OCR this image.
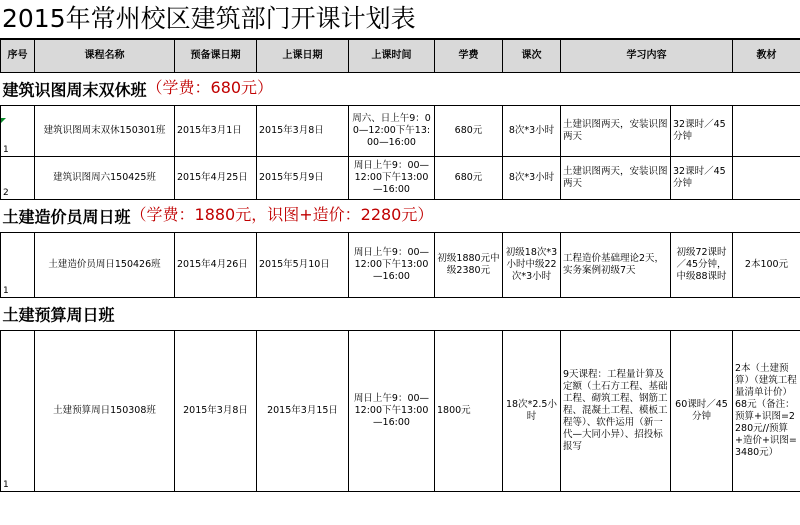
2015年常州校区建筑部门开课计划表
序号	课程名称	预备课日期	上课日期	上课时间	学费	课次	学习内容		教材
建筑识图周末双休班（学费：680元）									
1	建筑识图周末双休150301班	2015年3月1日	2015年3月8日	周六、日上午9：00—12:00下午13:00—16:00	680元	8次*3小时	土建识图两天，安装识图两天	32课时／45分钟	
2	建筑识图周六150425班	2015年4月25日	2015年5月9日	周日上午9：00—12:00下午13:00—16:00	680元	8次*3小时	土建识图两天，安装识图两天	32课时／45分钟	
土建造价员周日班（学费：1880元，识图+造价：2280元）									
1	土建造价员周日150426班	2015年4月26日	2015年5月10日	周日上午9：00—12:00下午13:00—16:00	初级1880元中级2380元	初级18次*3小时中级22次*3小时	工程造价基础理论2天，实务案例初级7天	初级72课时／45分钟，中级88课时	2本100元
土建预算周日班									
1	土建预算周日150308班	2015年3月8日	2015年3月15日	周日上午9：00—12:00下午13:00—16:00	1800元	18次*2.5小时	9天课程：工程量计算及定额（土石方工程、基础工程、砌筑工程、钢筋工程、混凝土工程、模板工程等）、软件运用（新一代—大同小异）、招投标报写	60课时／45分钟	2本（土建预算）（建筑工程量清单计价）68元（备注：预算+识图=2280元//预算+造价+识图=3480元）
